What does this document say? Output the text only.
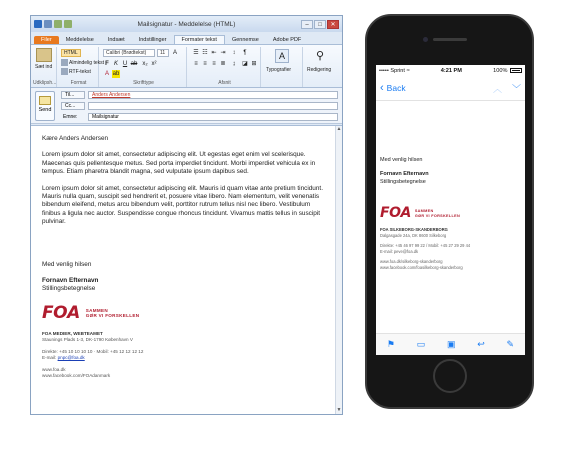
Mailsignatur - Meddelelse (HTML)	–	□	✕
Filer	Meddelelse	Indsæt	Indstillinger	Formater tekst	Gennemse	Adobe PDF
Sæt ind
Udklipsh...
HTML
Almindelig tekst
RTF-tekst
Format
Calibri (Brødtekst)	11	A
F K U ab x₂ x²
A ab
Skrifttype
☰ ☷ ⇤ ⇥	↕	¶
≡ ≡ ≡ ≣	↨	◪ ⊞
Afsnit
A
Typografier
⚲
Redigering
Send
Til...	Anders Andersen
Cc...
Emne:	Mailsignatur
▲
▼

Kære Anders Andersen

Lorem ipsum dolor sit amet, consectetur adipiscing elit. Ut egestas eget enim vel scelerisque. Maecenas quis pellentesque metus. Sed porta imperdiet tincidunt. Morbi imperdiet vehicula ex in tempus. Etiam pharetra blandit magna, sed vulputate ipsum dapibus sed.

Lorem ipsum dolor sit amet, consectetur adipiscing elit. Mauris id quam vitae ante pretium tincidunt. Mauris nulla quam, suscipit sed hendrerit et, posuere vitae libero. Nam elementum, velit venenatis bibendum eleifend, metus arcu bibendum velit, porttitor rutrum tellus nisl nec libero. Vestibulum finibus a ligula nec auctor. Suspendisse congue rhoncus tincidunt. Vivamus mattis tellus in suscipit pulvinar.

Med venlig hilsen
Fornavn Efternavn
Stillingsbetegnelse
FOA SAMMEN
GØR VI FORSKELLEN
FOA MEDIER, WEBTEAMET
Staunings Plads 1-3, DK-1790 København V
Direkte: +45 10 10 10 10 · Mobil: +45 12 12 12 12
E-mail: pnpc@foa.dk
www.foa.dk
www.facebook.com/FOAdanmark
••••• Sprint ≈	4:21 PM	100%
‹ Back	︿ ﹀
Med venlig hilsen
Fornavn Efternavn
Stillingsbetegnelse
FOA SAMMEN
GØR VI FORSKELLEN
FOA SILKEBORG-SKANDERBORG
Dalgasgade 24a, DK 8600 Silkeborg
Direkte: +45 46 97 99 22 / Mobil: +45 27 29 29 44
E-mail: peve@foa.dk
www.foa.dk/silkeborg-skanderborg
www.facebook.com/foasilkeborg-skanderborg
⚑ ▭ ▣ ↩ ✎
